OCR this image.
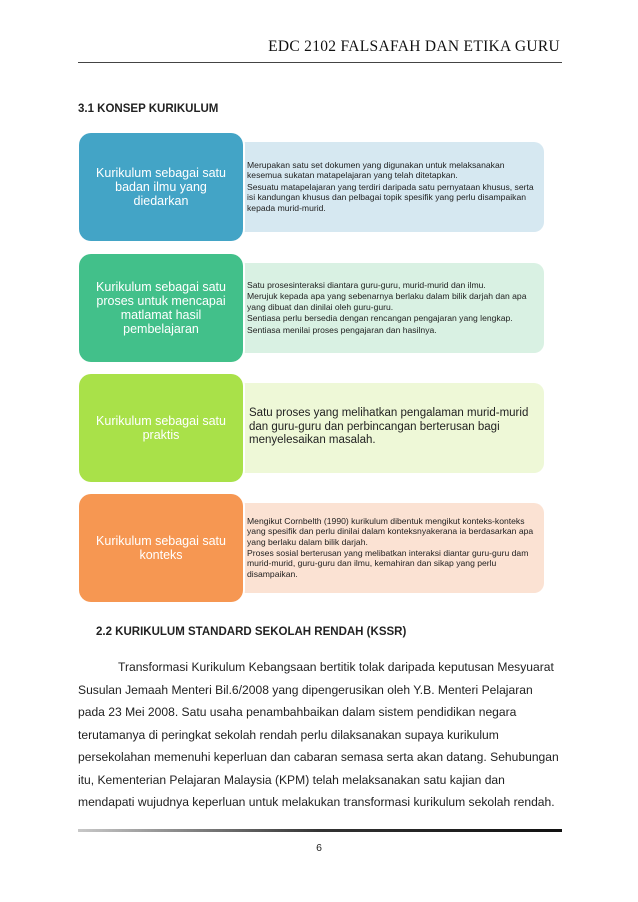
EDC 2102 FALSAFAH DAN ETIKA GURU
3.1 KONSEP KURIKULUM
• Merupakan satu set dokumen yang digunakan untuk melaksanakan kesemua sukatan matapelajaran yang telah ditetapkan.
• Sesuatu matapelajaran yang terdiri daripada satu pernyataan khusus, serta isi kandungan khusus dan pelbagai topik spesifik yang perlu disampaikan kepada murid-murid.
Kurikulum sebagai satu badan ilmu yang diedarkan
• Satu prosesinteraksi diantara guru-guru, murid-murid dan ilmu.
• Merujuk kepada apa yang sebenarnya berlaku dalam bilik darjah dan apa yang dibuat dan dinilai oleh guru-guru.
• Sentiasa perlu bersedia dengan rencangan pengajaran yang lengkap.
• Sentiasa menilai proses pengajaran dan hasilnya.
Kurikulum sebagai satu proses untuk mencapai matlamat hasil pembelajaran
• Satu proses yang melihatkan pengalaman murid-murid dan guru-guru dan perbincangan berterusan bagi menyelesaikan masalah.
Kurikulum sebagai satu praktis
• Mengikut Cornbelth (1990) kurikulum dibentuk mengikut konteks-konteks yang spesifik dan perlu dinilai dalam konteksnyakerana ia berdasarkan apa yang berlaku dalam bilik darjah.
• Proses sosial berterusan yang melibatkan interaksi diantar guru-guru dam murid-murid, guru-guru dan ilmu, kemahiran dan sikap yang perlu disampaikan.
Kurikulum sebagai satu konteks
2.2 KURIKULUM STANDARD SEKOLAH RENDAH (KSSR)

Transformasi Kurikulum Kebangsaan bertitik tolak daripada keputusan Mesyuarat Susulan Jemaah Menteri Bil.6/2008 yang dipengerusikan oleh Y.B. Menteri Pelajaran pada 23 Mei 2008. Satu usaha penambahbaikan dalam sistem pendidikan negara terutamanya di peringkat sekolah rendah perlu dilaksanakan supaya kurikulum persekolahan memenuhi keperluan dan cabaran semasa serta akan datang. Sehubungan itu, Kementerian Pelajaran Malaysia (KPM) telah melaksanakan satu kajian dan mendapati wujudnya keperluan untuk melakukan transformasi kurikulum sekolah rendah.

6
